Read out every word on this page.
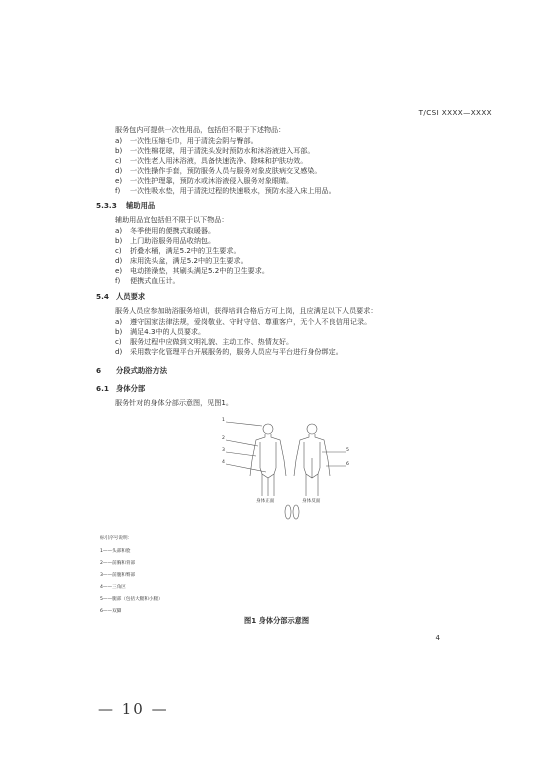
T/CSI XXXX—XXXX
服务包内可提供一次性用品，包括但不限于下述物品：
a) 一次性压缩毛巾，用于清洗会阴与臀部。
b) 一次性棉花球，用于清洗头发时预防水和沐浴液进入耳部。
c) 一次性老人用沐浴液，具备快速洗净、除味和护肤功效。
d) 一次性操作手套，预防服务人员与服务对象皮肤病交叉感染。
e) 一次性护理靠，预防水或沐浴液侵入服务对象眼睛。
f) 一次性吸水垫，用于清洗过程的快速吸水，预防水浸入床上用品。
5.3.3 辅助用品
辅助用品宜包括但不限于以下物品：
a) 冬季使用的便携式取暖器。
b) 上门助浴服务用品收纳包。
c) 折叠水桶，满足5.2中的卫生要求。
d) 床用洗头盆，满足5.2中的卫生要求。
e) 电动搓澡垫，其刷头满足5.2中的卫生要求。
f) 便携式血压计。
5.4 人员要求
服务人员应参加助浴服务培训，获得培训合格后方可上岗，且应满足以下人员要求：
a) 遵守国家法律法规，爱岗敬业、守时守信、尊重客户，无个人不良信用记录。
b) 满足4.3中的人员要求。
c) 服务过程中应做到文明礼貌、主动工作、热情友好。
d) 采用数字化管理平台开展服务的，服务人员应与平台进行身份绑定。
6 分段式助浴方法
6.1 身体分部
服务针对的身体分部示意图，见图1。
1
2
3
4
5
6
身体正面	身体反面
标引序号说明：
1——头部和脸
2——前胸和背部
3——前腹和臀部
4——三角区
5——腿部（包括大腿和小腿）
6——双脚
图1 身体分部示意图
4
— 10 —
